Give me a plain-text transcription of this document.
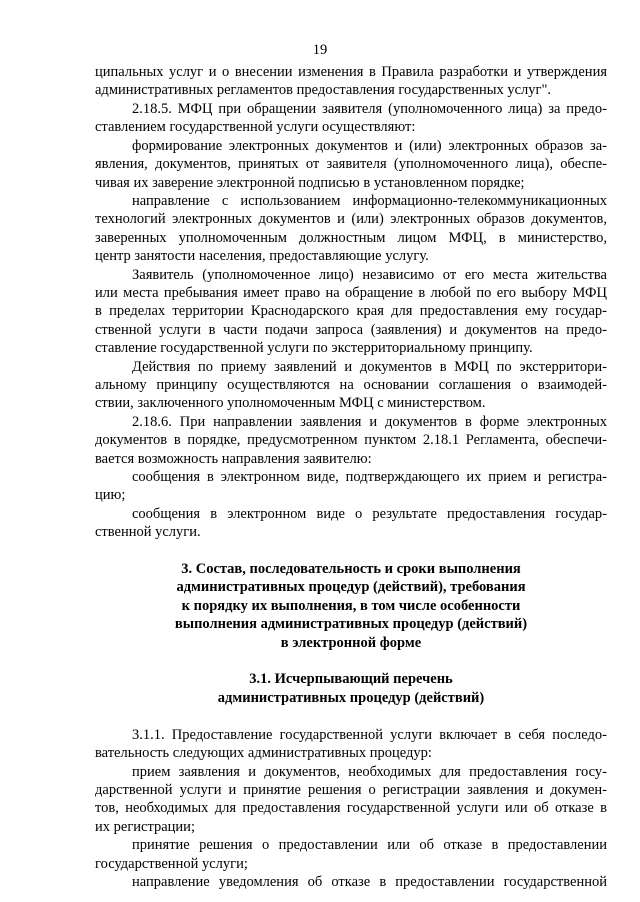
19
ципальных услуг и о внесении изменения в Правила разработки и утверждения
административных регламентов предоставления государственных услуг".
2.18.5. МФЦ при обращении заявителя (уполномоченного лица) за предо-
ставлением государственной услуги осуществляют:
формирование электронных документов и (или) электронных образов за-
явления, документов, принятых от заявителя (уполномоченного лица), обеспе-
чивая их заверение электронной подписью в установленном порядке;
направление с использованием информационно-телекоммуникационных
технологий электронных документов и (или) электронных образов документов,
заверенных уполномоченным должностным лицом МФЦ, в министерство,
центр занятости населения, предоставляющие услугу.
Заявитель (уполномоченное лицо) независимо от его места жительства
или места пребывания имеет право на обращение в любой по его выбору МФЦ
в пределах территории Краснодарского края для предоставления ему государ-
ственной услуги в части подачи запроса (заявления) и документов на предо-
ставление государственной услуги по экстерриториальному принципу.
Действия по приему заявлений и документов в МФЦ по экстерритори-
альному принципу осуществляются на основании соглашения о взаимодей-
ствии, заключенного уполномоченным МФЦ с министерством.
2.18.6. При направлении заявления и документов в форме электронных
документов в порядке, предусмотренном пунктом 2.18.1 Регламента, обеспечи-
вается возможность направления заявителю:
сообщения в электронном виде, подтверждающего их прием и регистра-
цию;
сообщения в электронном виде о результате предоставления государ-
ственной услуги.
3. Состав, последовательность и сроки выполнения
административных процедур (действий), требования
к порядку их выполнения, в том числе особенности
выполнения административных процедур (действий)
в электронной форме
3.1. Исчерпывающий перечень
административных процедур (действий)
3.1.1. Предоставление государственной услуги включает в себя последо-
вательность следующих административных процедур:
прием заявления и документов, необходимых для предоставления госу-
дарственной услуги и принятие решения о регистрации заявления и докумен-
тов, необходимых для предоставления государственной услуги или об отказе в
их регистрации;
принятие решения о предоставлении или об отказе в предоставлении
государственной услуги;
направление уведомления об отказе в предоставлении государственной
